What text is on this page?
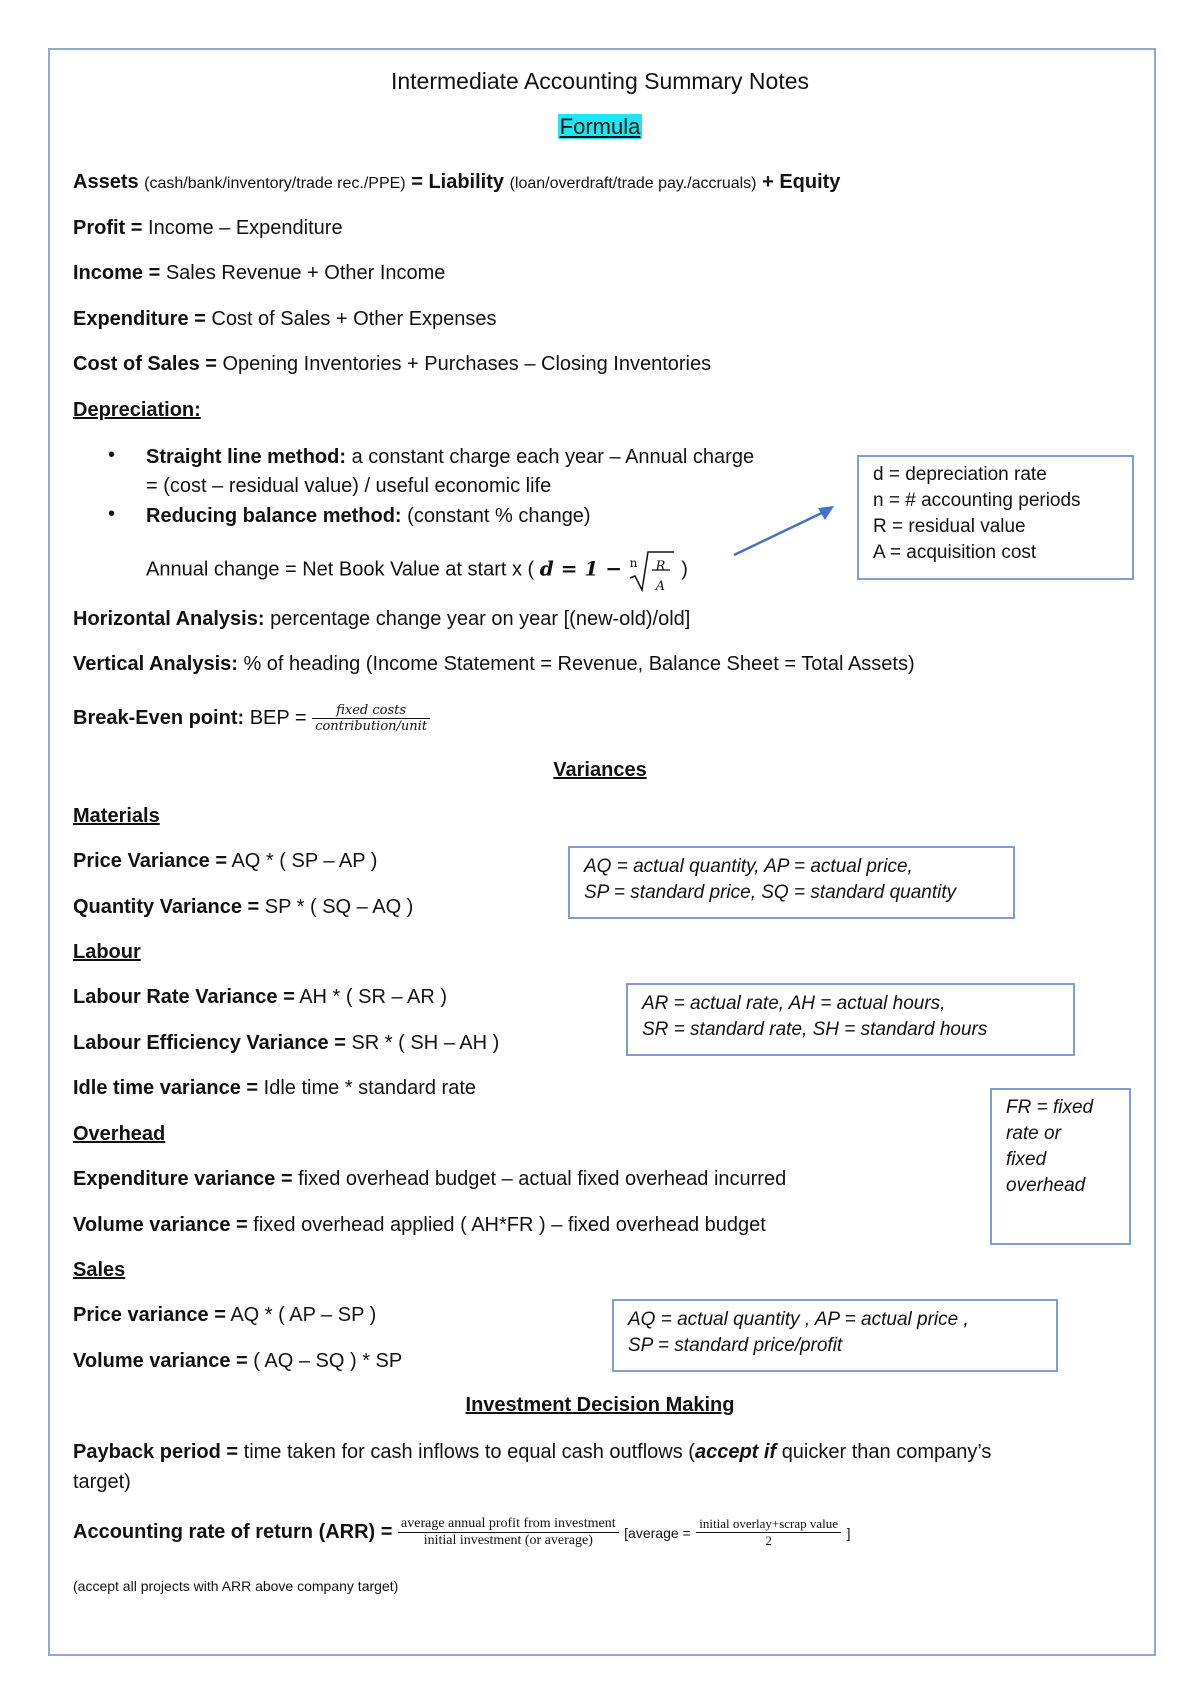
Intermediate Accounting Summary Notes
Formula
Assets (cash/bank/inventory/trade rec./PPE) = Liability (loan/overdraft/trade pay./accruals) + Equity
Profit = Income – Expenditure
Income = Sales Revenue + Other Income
Expenditure = Cost of Sales + Other Expenses
Cost of Sales = Opening Inventories + Purchases – Closing Inventories
Depreciation:
• Straight line method: a constant charge each year – Annual charge
= (cost – residual value) / useful economic life
• Reducing balance method: (constant % change)
Annual change = Net Book Value at start x ( d = 1 − n R
A
)
d = depreciation rate
n = # accounting periods
R = residual value
A = acquisition cost
Horizontal Analysis: percentage change year on year [(new-old)/old]
Vertical Analysis: % of heading (Income Statement = Revenue, Balance Sheet = Total Assets)
Break-Even point: BEP = $\frac{\text{fixed costs}}{\text{contribution/unit}}$
Variances
Materials
Price Variance = AQ * ( SP – AP )
Quantity Variance = SP * ( SQ – AQ )
AQ = actual quantity, AP = actual price,
SP = standard price, SQ = standard quantity
Labour
Labour Rate Variance = AH * ( SR – AR )
Labour Efficiency Variance = SR * ( SH – AH )
Idle time variance = Idle time * standard rate
AR = actual rate, AH = actual hours,
SR = standard rate, SH = standard hours
Overhead
Expenditure variance = fixed overhead budget – actual fixed overhead incurred
Volume variance = fixed overhead applied ( AH*FR ) – fixed overhead budget
FR = fixed
rate or
fixed
overhead
Sales
Price variance = AQ * ( AP – SP )
Volume variance = ( AQ – SQ ) * SP
AQ = actual quantity , AP = actual price ,
SP = standard price/profit
Investment Decision Making
Payback period = time taken for cash inflows to equal cash outflows (accept if quicker than company’s
target)
Accounting rate of return $(ARR) = \frac{\text{average annual profit from investment}}{\text{initial investment (or average)}}$ [average = $\frac{\text{initial overlay+scrap value}}{2}$ ]
(accept all projects with ARR above company target)
